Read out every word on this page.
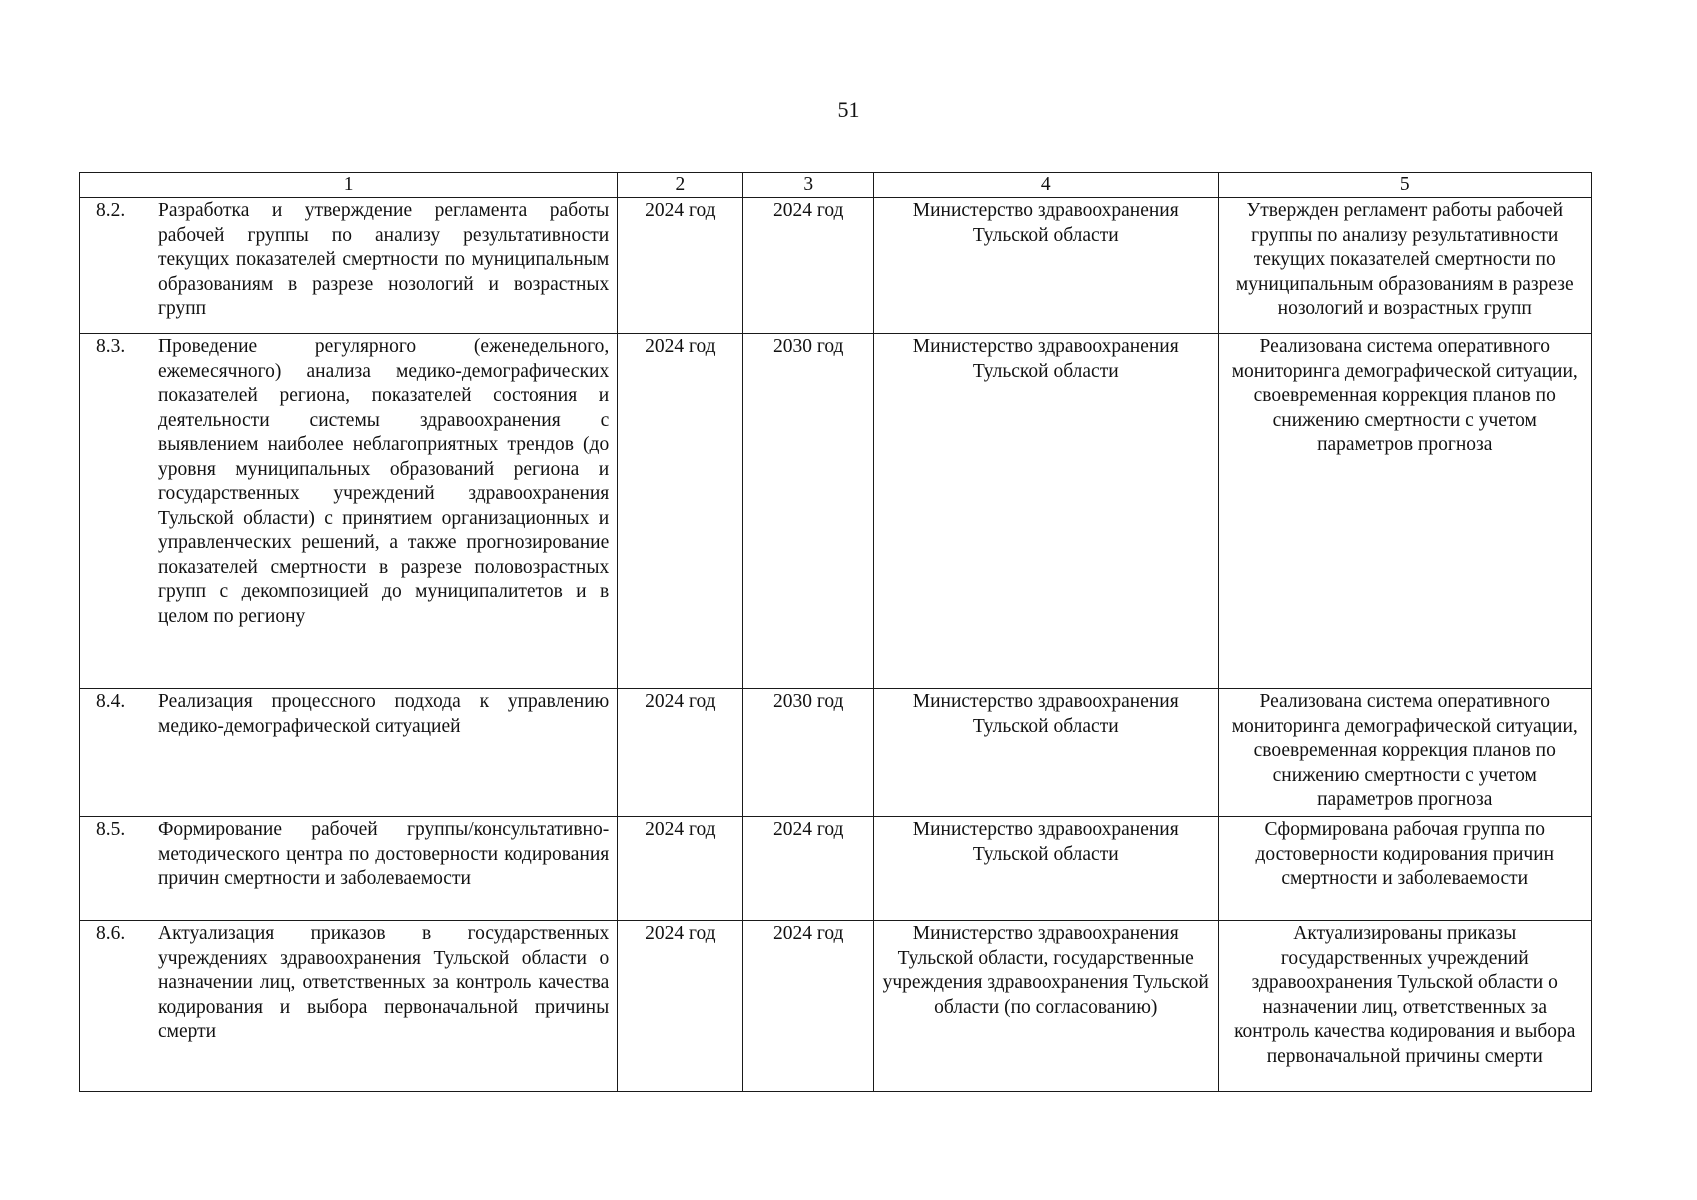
51
1	2	3	4	5

8.2. Разработка и утверждение регламента работы рабочей группы по анализу результативности текущих показателей смертности по муниципальным образованиям в разрезе нозологий и возрастных групп	2024 год	2024 год	Министерство здравоохранения Тульской области	Утвержден регламент работы рабочей группы по анализу результативности текущих показателей смертности по муниципальным образованиям в разрезе нозологий и возрастных групп

8.3. Проведение регулярного (еженедельного, ежемесячного) анализа медико-демографических показателей региона, показателей состояния и деятельности системы здравоохранения с выявлением наиболее неблагоприятных трендов (до уровня муниципальных образований региона и государственных учреждений здравоохранения Тульской области) с принятием организационных и управленческих решений, а также прогнозирование показателей смертности в разрезе половозрастных групп с декомпозицией до муниципалитетов и в целом по региону	2024 год	2030 год	Министерство здравоохранения Тульской области	Реализована система оперативного мониторинга демографической ситуации, своевременная коррекция планов по снижению смертности с учетом параметров прогноза

8.4. Реализация процессного подхода к управлению медико-демографической ситуацией	2024 год	2030 год	Министерство здравоохранения Тульской области	Реализована система оперативного мониторинга демографической ситуации, своевременная коррекция планов по снижению смертности с учетом параметров прогноза

8.5. Формирование рабочей группы/консультативно-методического центра по достоверности кодирования причин смертности и заболеваемости	2024 год	2024 год	Министерство здравоохранения Тульской области	Сформирована рабочая группа по достоверности кодирования причин смертности и заболеваемости

8.6. Актуализация приказов в государственных учреждениях здравоохранения Тульской области о назначении лиц, ответственных за контроль качества кодирования и выбора первоначальной причины смерти	2024 год	2024 год	Министерство здравоохранения Тульской области, государственные учреждения здравоохранения Тульской области (по согласованию)	Актуализированы приказы государственных учреждений здравоохранения Тульской области о назначении лиц, ответственных за контроль качества кодирования и выбора первоначальной причины смерти
